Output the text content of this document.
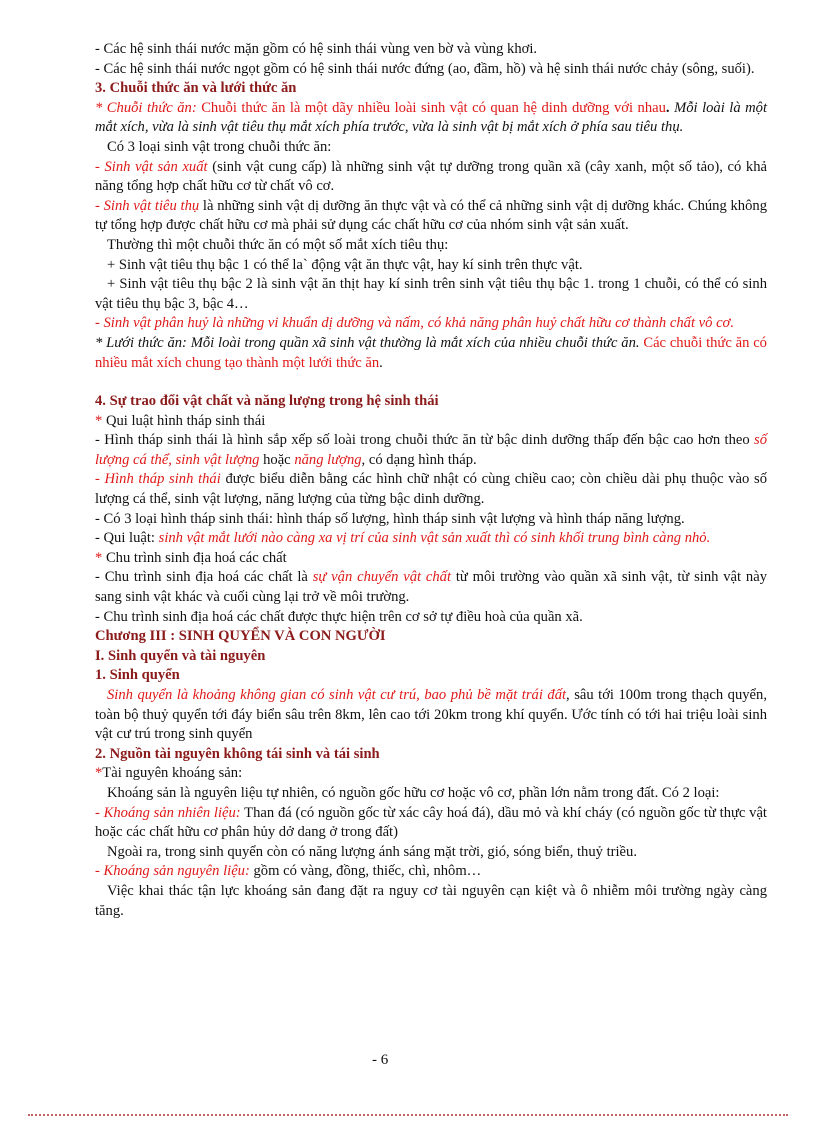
- Các hệ sinh thái nước mặn gồm có hệ sinh thái vùng ven bờ và vùng khơi.

- Các hệ sinh thái nước ngọt gồm có hệ sinh thái nước đứng (ao, đầm, hồ) và hệ sinh thái nước chảy (sông, suối).

3. Chuỗi thức ăn và lưới thức ăn

* Chuỗi thức ăn: Chuỗi thức ăn là một dãy nhiều loài sinh vật có quan hệ dinh dưỡng với nhau. Mỗi loài là một mắt xích, vừa là sinh vật tiêu thụ mắt xích phía trước, vừa là sinh vật bị mắt xích ở phía sau tiêu thụ.

Có 3 loại sinh vật trong chuỗi thức ăn:

- Sinh vật sản xuất (sinh vật cung cấp) là những sinh vật tự dưỡng trong quần xã (cây xanh, một số tảo), có khả năng tổng hợp chất hữu cơ từ chất vô cơ.

- Sinh vật tiêu thụ là những sinh vật dị dưỡng ăn thực vật và có thể cả những sinh vật dị dưỡng khác. Chúng không tự tổng hợp được chất hữu cơ mà phải sử dụng các chất hữu cơ của nhóm sinh vật sản xuất.

Thường thì một chuỗi thức ăn có một số mắt xích tiêu thụ:

+ Sinh vật tiêu thụ bậc 1 có thể la` động vật ăn thực vật, hay kí sinh trên thực vật.

+ Sinh vật tiêu thụ bậc 2 là sinh vật ăn thịt hay kí sinh trên sinh vật tiêu thụ bậc 1. trong 1 chuỗi, có thể có sinh vật tiêu thụ bậc 3, bậc 4…

- Sinh vật phân huỷ là những vi khuẩn dị dưỡng và nấm, có khả năng phân huỷ chất hữu cơ thành chất vô cơ.

* Lưới thức ăn: Mỗi loài trong quần xã sinh vật thường là mắt xích của nhiều chuỗi thức ăn. Các chuỗi thức ăn có nhiều mắt xích chung tạo thành một lưới thức ăn.

4. Sự trao đổi vật chất và năng lượng trong hệ sinh thái

* Qui luật hình tháp sinh thái

- Hình tháp sinh thái là hình sắp xếp số loài trong chuỗi thức ăn từ bậc dinh dưỡng thấp đến bậc cao hơn theo số lượng cá thể, sinh vật lượng hoặc năng lượng, có dạng hình tháp.

- Hình tháp sinh thái được biểu diễn bằng các hình chữ nhật có cùng chiều cao; còn chiều dài phụ thuộc vào số lượng cá thể, sinh vật lượng, năng lượng của từng bậc dinh dưỡng.

- Có 3 loại hình tháp sinh thái: hình tháp số lượng, hình tháp sinh vật lượng và hình tháp năng lượng.

- Qui luật: sinh vật mắt lưới nào càng xa vị trí của sinh vật sản xuất thì có sinh khối trung bình càng nhỏ.

* Chu trình sinh địa hoá các chất

- Chu trình sinh địa hoá các chất là sự vận chuyển vật chất từ môi trường vào quần xã sinh vật, từ sinh vật này sang sinh vật khác và cuối cùng lại trở về môi trường.

- Chu trình sinh địa hoá các chất được thực hiện trên cơ sở tự điều hoà của quần xã.

Chương III : SINH QUYỂN VÀ CON NGƯỜI

I. Sinh quyển và tài nguyên

1. Sinh quyển

Sinh quyển là khoảng không gian có sinh vật cư trú, bao phủ bề mặt trái đất, sâu tới 100m trong thạch quyển, toàn bộ thuỷ quyển tới đáy biển sâu trên 8km, lên cao tới 20km trong khí quyển. Ước tính có tới hai triệu loài sinh vật cư trú trong sinh quyển

2. Nguồn tài nguyên không tái sinh và tái sinh

*Tài nguyên khoáng sản:

Khoáng sản là nguyên liệu tự nhiên, có nguồn gốc hữu cơ hoặc vô cơ, phần lớn nằm trong đất. Có 2 loại:

- Khoáng sản nhiên liệu: Than đá (có nguồn gốc từ xác cây hoá đá), dầu mỏ và khí cháy (có nguồn gốc từ thực vật hoặc các chất hữu cơ phân hủy dở dang ở trong đất)

Ngoài ra, trong sinh quyển còn có năng lượng ánh sáng mặt trời, gió, sóng biển, thuỷ triều.

- Khoáng sản nguyên liệu: gồm có vàng, đồng, thiếc, chì, nhôm…

Việc khai thác tận lực khoáng sản đang đặt ra nguy cơ tài nguyên cạn kiệt và ô nhiễm môi trường ngày càng tăng.

- 6
